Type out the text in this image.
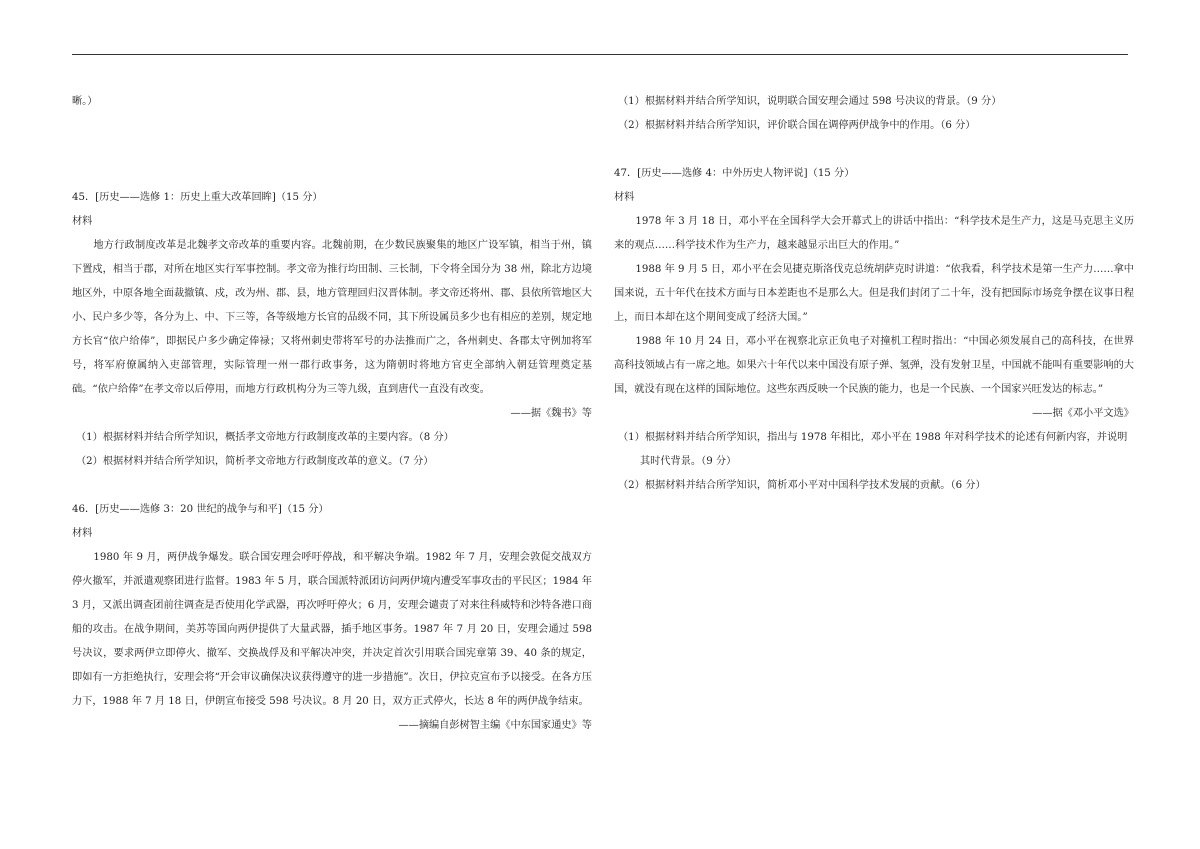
晰。）
45．[历史——选修 1：历史上重大改革回眸]（15 分）
材料
地方行政制度改革是北魏孝文帝改革的重要内容。北魏前期，在少数民族聚集的地区广设军镇，相当于州，镇下置戍，相当于郡，对所在地区实行军事控制。孝文帝为推行均田制、三长制，下令将全国分为 38 州，除北方边境地区外，中原各地全面裁撤镇、戍，改为州、郡、县，地方管理回归汉晋体制。孝文帝还将州、郡、县依所管地区大小、民户多少等，各分为上、中、下三等，各等级地方长官的品级不同，其下所设属员多少也有相应的差别，规定地方长官“依户给俸”，即据民户多少确定俸禄；又将州刺史带将军号的办法推而广之，各州刺史、各郡太守例加将军号，将军府僚属纳入吏部管理，实际管理一州一郡行政事务，这为隋朝时将地方官吏全部纳入朝廷管理奠定基础。“依户给俸”在孝文帝以后停用，而地方行政机构分为三等九级，直到唐代一直没有改变。
——据《魏书》等
（1）根据材料并结合所学知识，概括孝文帝地方行政制度改革的主要内容。（8 分）
（2）根据材料并结合所学知识，简析孝文帝地方行政制度改革的意义。（7 分）
46．[历史——选修 3：20 世纪的战争与和平]（15 分）
材料
1980 年 9 月，两伊战争爆发。联合国安理会呼吁停战，和平解决争端。1982 年 7 月，安理会敦促交战双方停火撤军，并派遣观察团进行监督。1983 年 5 月，联合国派特派团访问两伊境内遭受军事攻击的平民区；1984 年 3 月，又派出调查团前往调查是否使用化学武器，再次呼吁停火；6 月，安理会谴责了对来往科威特和沙特各港口商船的攻击。在战争期间，美苏等国向两伊提供了大量武器，插手地区事务。1987 年 7 月 20 日，安理会通过 598 号决议，要求两伊立即停火、撤军、交换战俘及和平解决冲突，并决定首次引用联合国宪章第 39、40 条的规定，即如有一方拒绝执行，安理会将“开会审议确保决议获得遵守的进一步措施”。次日，伊拉克宣布予以接受。在各方压力下，1988 年 7 月 18 日，伊朗宣布接受 598 号决议。8 月 20 日，双方正式停火，长达 8 年的两伊战争结束。
——摘编自彭树智主编《中东国家通史》等
（1）根据材料并结合所学知识，说明联合国安理会通过 598 号决议的背景。（9 分）
（2）根据材料并结合所学知识，评价联合国在调停两伊战争中的作用。（6 分）
47．[历史——选修 4：中外历史人物评说]（15 分）
材料
1978 年 3 月 18 日，邓小平在全国科学大会开幕式上的讲话中指出：“科学技术是生产力，这是马克思主义历来的观点……科学技术作为生产力，越来越显示出巨大的作用。”
1988 年 9 月 5 日，邓小平在会见捷克斯洛伐克总统胡萨克时讲道：“依我看，科学技术是第一生产力……拿中国来说，五十年代在技术方面与日本差距也不是那么大。但是我们封闭了二十年，没有把国际市场竞争摆在议事日程上，而日本却在这个期间变成了经济大国。”
1988 年 10 月 24 日，邓小平在视察北京正负电子对撞机工程时指出：“中国必须发展自己的高科技，在世界高科技领域占有一席之地。如果六十年代以来中国没有原子弹、氢弹，没有发射卫星，中国就不能叫有重要影响的大国，就没有现在这样的国际地位。这些东西反映一个民族的能力，也是一个民族、一个国家兴旺发达的标志。”
——据《邓小平文选》
（1）根据材料并结合所学知识，指出与 1978 年相比，邓小平在 1988 年对科学技术的论述有何新内容，并说明
其时代背景。（9 分）
（2）根据材料并结合所学知识，简析邓小平对中国科学技术发展的贡献。（6 分）
